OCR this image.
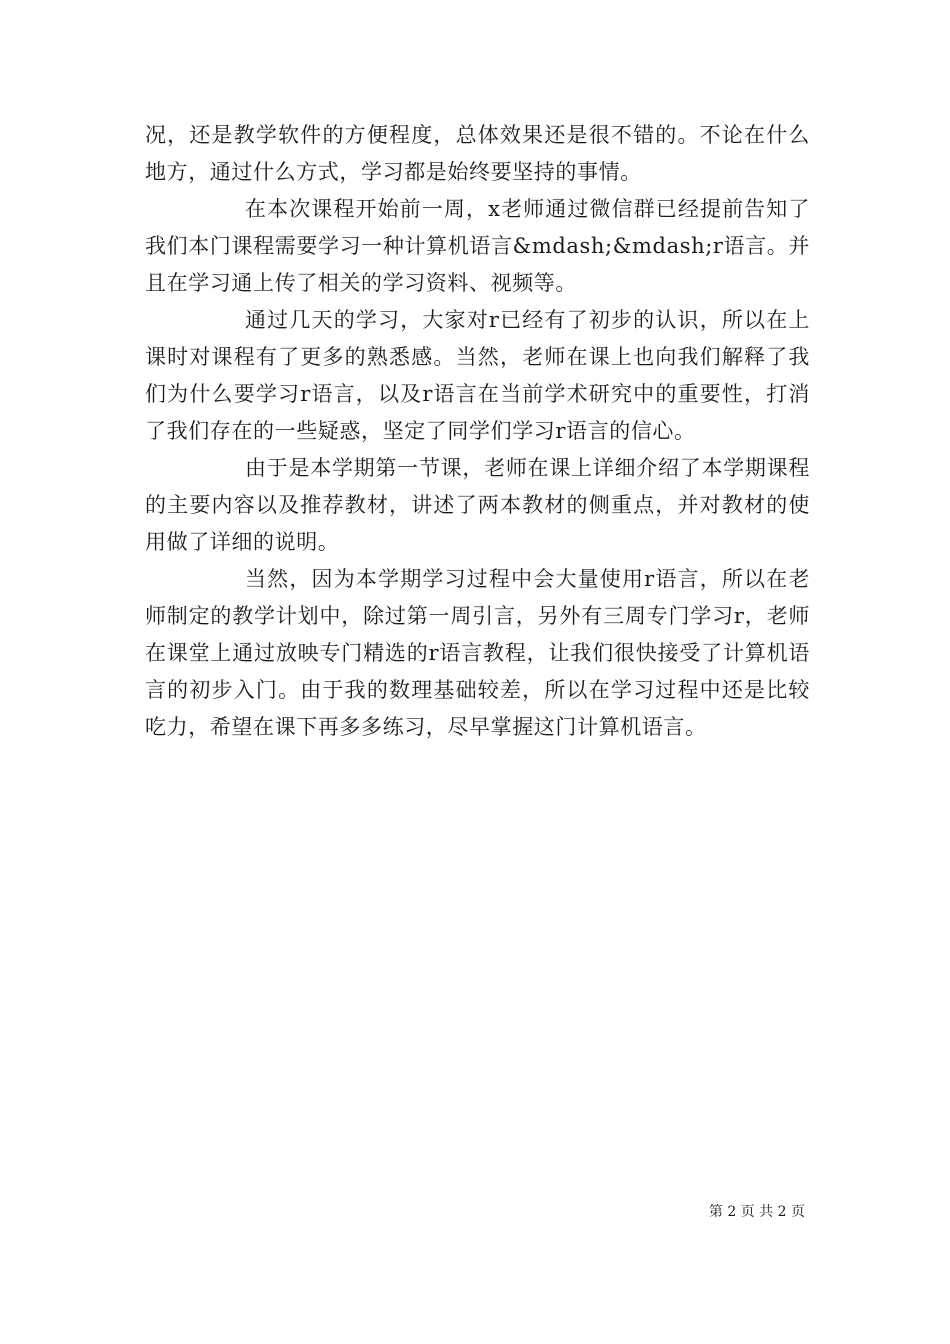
况，还是教学软件的方便程度，总体效果还是很不错的。不论在什么地方，通过什么方式，学习都是始终要坚持的事情。

在本次课程开始前一周，x老师通过微信群已经提前告知了我们本门课程需要学习一种计算机语言&mdash;&mdash;r语言。并且在学习通上传了相关的学习资料、视频等。

通过几天的学习，大家对r已经有了初步的认识，所以在上课时对课程有了更多的熟悉感。当然，老师在课上也向我们解释了我们为什么要学习r语言，以及r语言在当前学术研究中的重要性，打消了我们存在的一些疑惑，坚定了同学们学习r语言的信心。

由于是本学期第一节课，老师在课上详细介绍了本学期课程的主要内容以及推荐教材，讲述了两本教材的侧重点，并对教材的使用做了详细的说明。

当然，因为本学期学习过程中会大量使用r语言，所以在老师制定的教学计划中，除过第一周引言，另外有三周专门学习r，老师在课堂上通过放映专门精选的r语言教程，让我们很快接受了计算机语言的初步入门。由于我的数理基础较差，所以在学习过程中还是比较吃力，希望在课下再多多练习，尽早掌握这门计算机语言。

第 2 页 共 2 页
